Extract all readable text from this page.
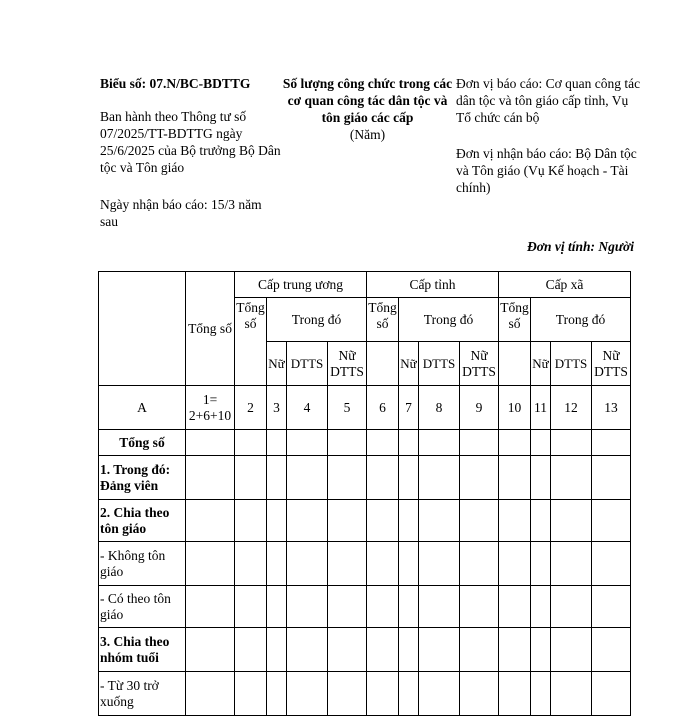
Biểu số: 07.N/BC-BDTTG
Ban hành theo Thông tư số 07/2025/TT-BDTTG ngày 25/6/2025 của Bộ trưởng Bộ Dân tộc và Tôn giáo
Ngày nhận báo cáo: 15/3 năm sau
Số lượng công chức trong các cơ quan công tác dân tộc và tôn giáo các cấp
(Năm)
Đơn vị báo cáo: Cơ quan công tác dân tộc và tôn giáo cấp tỉnh, Vụ Tổ chức cán bộ
Đơn vị nhận báo cáo: Bộ Dân tộc và Tôn giáo (Vụ Kế hoạch - Tài chính)
Đơn vị tính: Người
	Tổng số	Cấp trung ương				Cấp tỉnh				Cấp xã			
		Tổng số	Trong đó			Tổng số	Trong đó			Tổng số	Trong đó		
			Nữ	DTTS	Nữ DTTS		Nữ	DTTS	Nữ DTTS		Nữ	DTTS	Nữ DTTS
A	1= 2+6+10	2	3	4	5	6	7	8	9	10	11	12	13
Tổng số													
1. Trong đó: Đảng viên													
2. Chia theo tôn giáo													
- Không tôn giáo													
- Có theo tôn giáo													
3. Chia theo nhóm tuổi													
- Từ 30 trở xuống													
